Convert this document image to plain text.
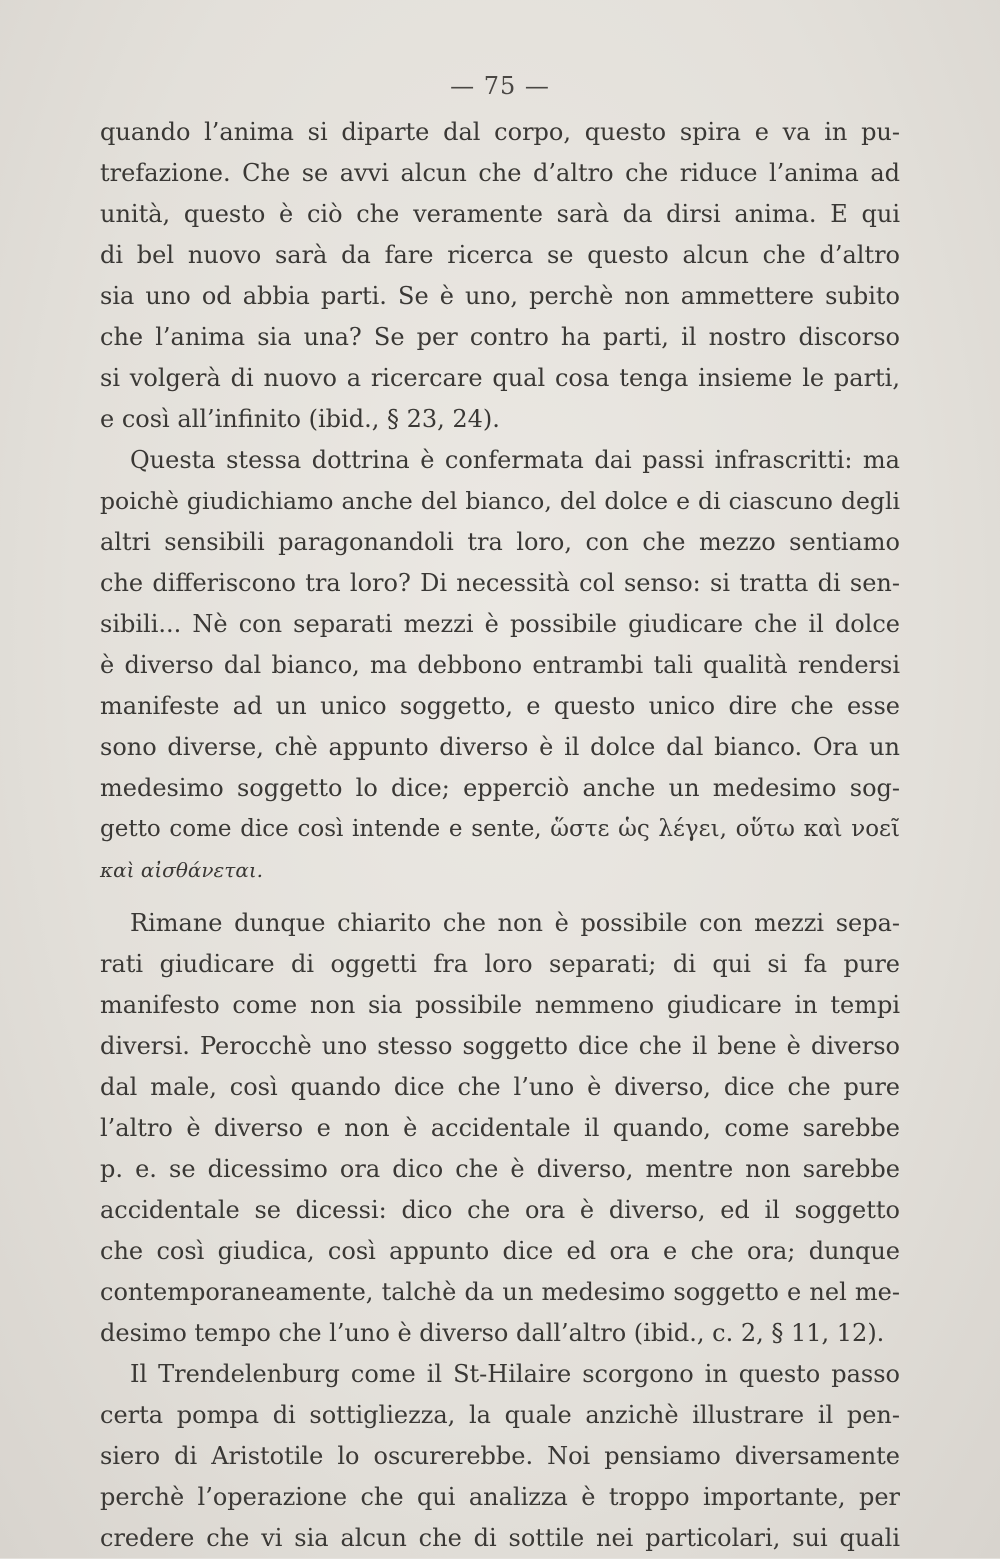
— 75 —
quando l’anima si diparte dal corpo, questo spira e va in pu-
trefazione. Che se avvi alcun che d’altro che riduce l’anima ad
unità, questo è ciò che veramente sarà da dirsi anima. E qui
di bel nuovo sarà da fare ricerca se questo alcun che d’altro
sia uno od abbia parti. Se è uno, perchè non ammettere subito
che l’anima sia una? Se per contro ha parti, il nostro discorso
si volgerà di nuovo a ricercare qual cosa tenga insieme le parti,
e così all’infinito (ibid., § 23, 24).
Questa stessa dottrina è confermata dai passi infrascritti: ma
poichè giudichiamo anche del bianco, del dolce e di ciascuno degli
altri sensibili paragonandoli tra loro, con che mezzo sentiamo
che differiscono tra loro? Di necessità col senso: si tratta di sen-
sibili... Nè con separati mezzi è possibile giudicare che il dolce
è diverso dal bianco, ma debbono entrambi tali qualità rendersi
manifeste ad un unico soggetto, e questo unico dire che esse
sono diverse, chè appunto diverso è il dolce dal bianco. Ora un
medesimo soggetto lo dice; epperciò anche un medesimo sog-
getto come dice così intende e sente, ὥστε ὡς λέγει, οὕτω καὶ νοεῖ
καὶ αἰσθάνεται.
Rimane dunque chiarito che non è possibile con mezzi sepa-
rati giudicare di oggetti fra loro separati; di qui si fa pure
manifesto come non sia possibile nemmeno giudicare in tempi
diversi. Perocchè uno stesso soggetto dice che il bene è diverso
dal male, così quando dice che l’uno è diverso, dice che pure
l’altro è diverso e non è accidentale il quando, come sarebbe
p. e. se dicessimo ora dico che è diverso, mentre non sarebbe
accidentale se dicessi: dico che ora è diverso, ed il soggetto
che così giudica, così appunto dice ed ora e che ora; dunque
contemporaneamente, talchè da un medesimo soggetto e nel me-
desimo tempo che l’uno è diverso dall’altro (ibid., c. 2, § 11, 12).
Il Trendelenburg come il St-Hilaire scorgono in questo passo
certa pompa di sottigliezza, la quale anzichè illustrare il pen-
siero di Aristotile lo oscurerebbe. Noi pensiamo diversamente
perchè l’operazione che qui analizza è troppo importante, per
credere che vi sia alcun che di sottile nei particolari, sui quali
